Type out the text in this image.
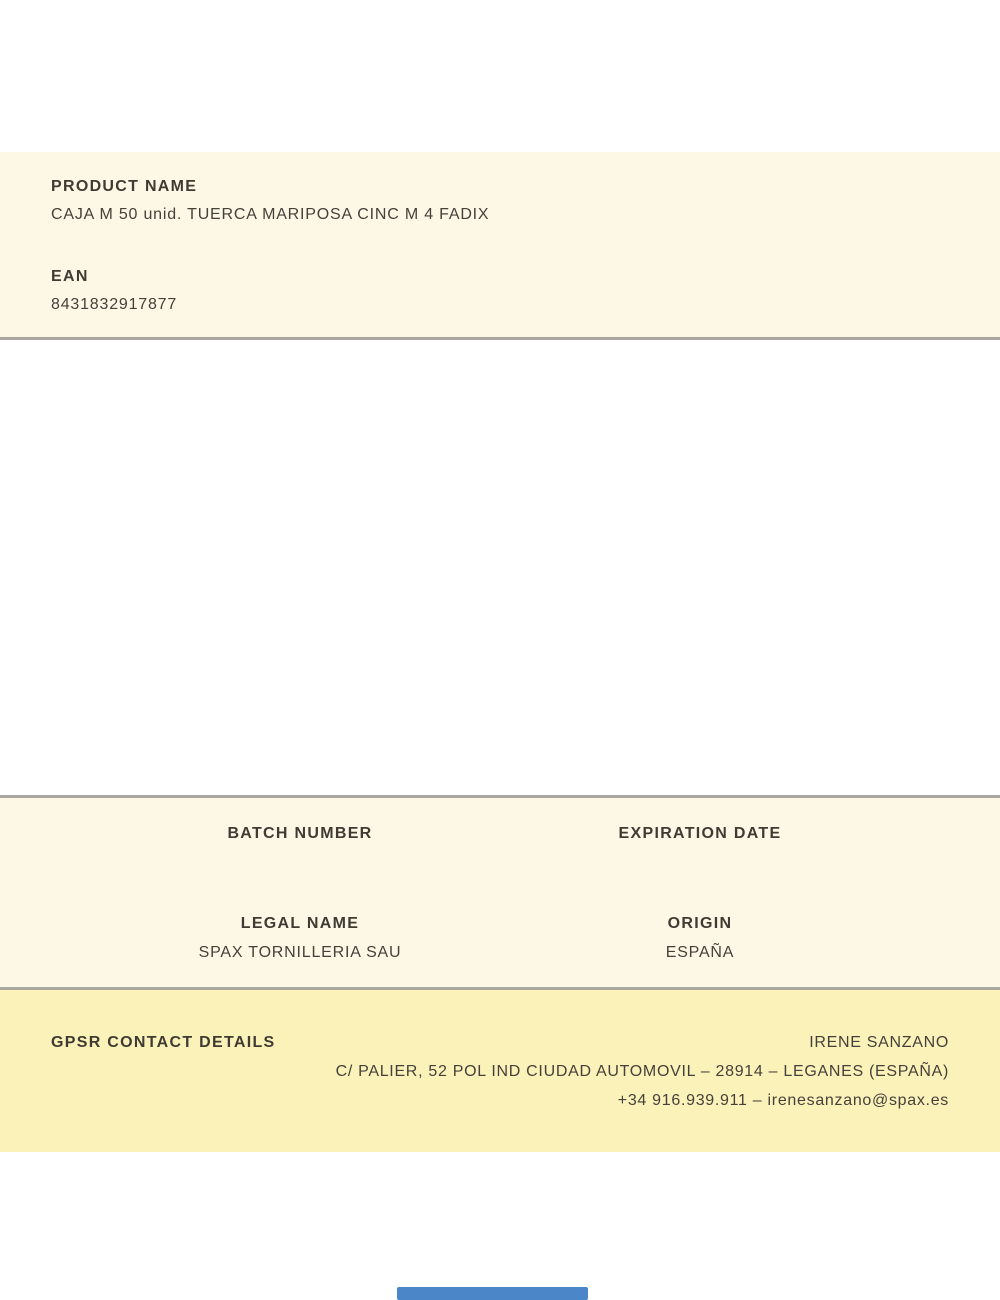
PRODUCT NAME
CAJA M 50 unid. TUERCA MARIPOSA CINC M 4 FADIX
EAN
8431832917877
BATCH NUMBER	EXPIRATION DATE
LEGAL NAME
SPAX TORNILLERIA SAU
ORIGIN
ESPAÑA
GPSR CONTACT DETAILS	IRENE SANZANO
C/ PALIER, 52 POL IND CIUDAD AUTOMOVIL – 28914 – LEGANES (ESPAÑA)
+34 916.939.911 – irenesanzano@spax.es
